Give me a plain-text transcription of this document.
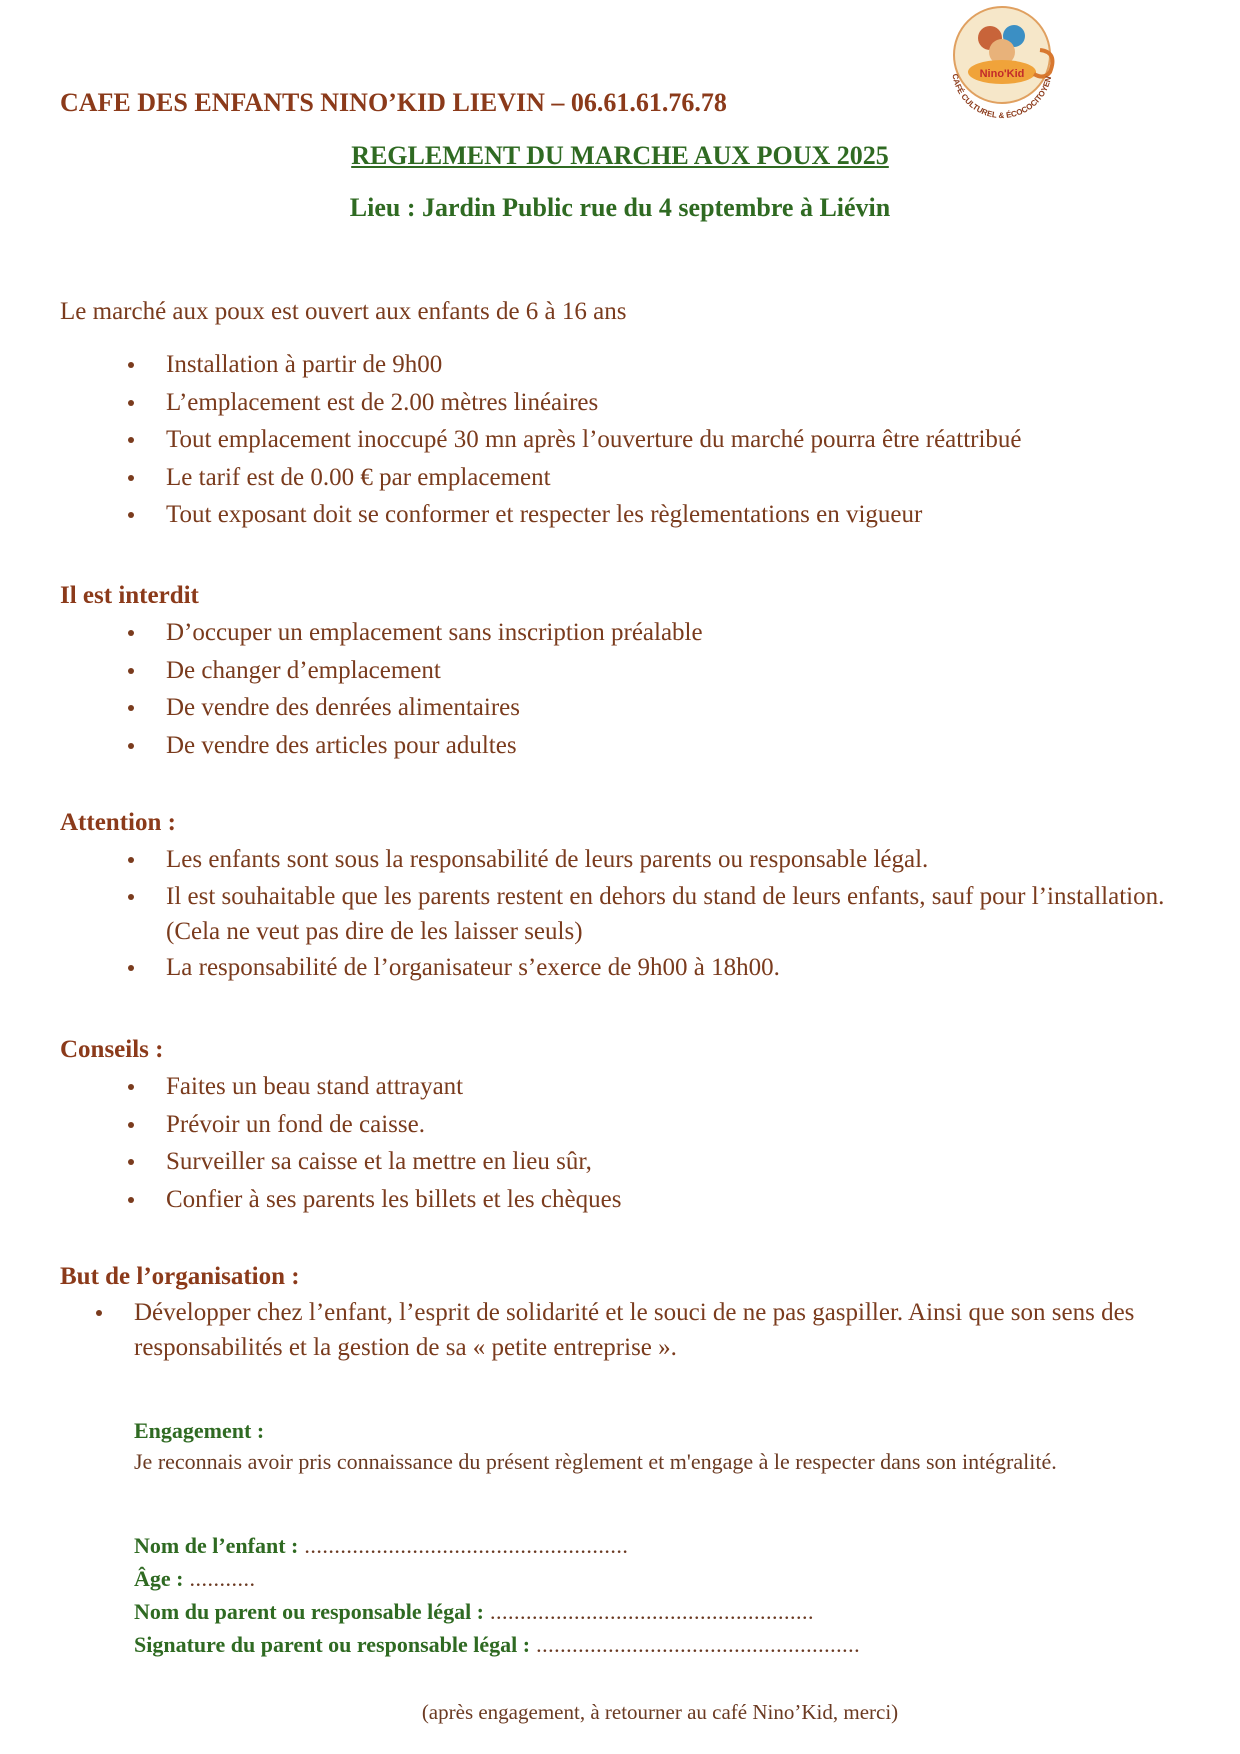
CAFE DES ENFANTS NINO’KID LIEVIN – 06.61.61.76.78
REGLEMENT DU MARCHE AUX POUX 2025
Lieu : Jardin Public rue du 4 septembre à Liévin
Nino'Kid
CAFÉ CULTUREL & ÉCOCOCITOYEN
Le marché aux poux est ouvert aux enfants de 6 à 16 ans
Installation à partir de 9h00
L’emplacement est de 2.00 mètres linéaires
Tout emplacement inoccupé 30 mn après l’ouverture du marché pourra être réattribué
Le tarif est de 0.00 € par emplacement
Tout exposant doit se conformer et respecter les règlementations en vigueur
Il est interdit
D’occuper un emplacement sans inscription préalable
De changer d’emplacement
De vendre des denrées alimentaires
De vendre des articles pour adultes
Attention :
Les enfants sont sous la responsabilité de leurs parents ou responsable légal.
Il est souhaitable que les parents restent en dehors du stand de leurs enfants, sauf pour l’installation. (Cela ne veut pas dire de les laisser seuls)
La responsabilité de l’organisateur s’exerce de 9h00 à 18h00.
Conseils :
Faites un beau stand attrayant
Prévoir un fond de caisse.
Surveiller sa caisse et la mettre en lieu sûr,
Confier à ses parents les billets et les chèques
But de l’organisation :
Développer chez l’enfant, l’esprit de solidarité et le souci de ne pas gaspiller. Ainsi que son sens des responsabilités et la gestion de sa « petite entreprise ».
Engagement :
Je reconnais avoir pris connaissance du présent règlement et m'engage à le respecter dans son intégralité.
Nom de l’enfant : ......................................................
Âge : ...........
Nom du parent ou responsable légal : ......................................................
Signature du parent ou responsable légal : ......................................................
(après engagement, à retourner au café Nino’Kid, merci)
